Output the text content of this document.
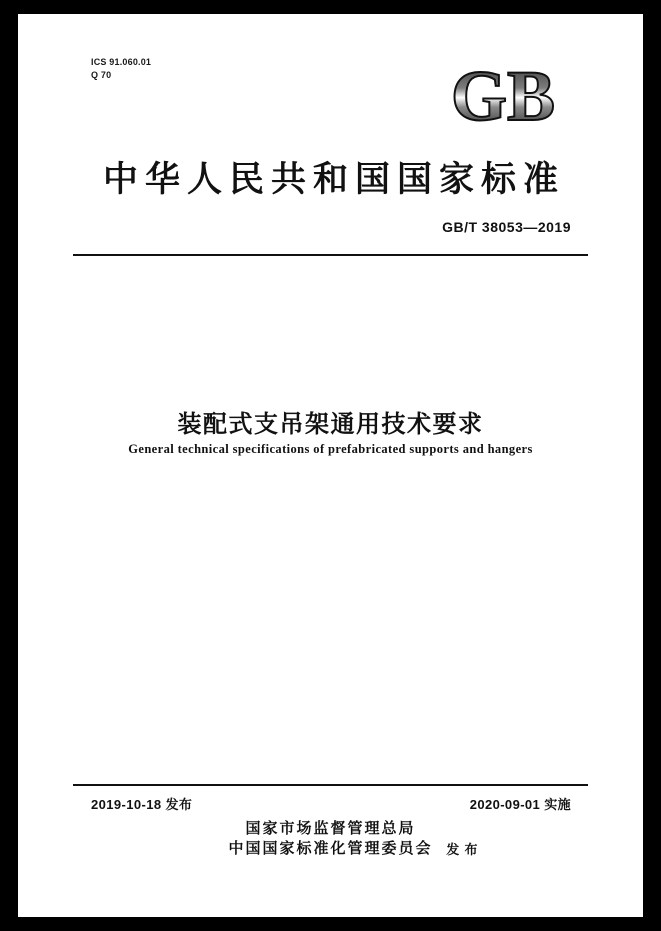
ICS 91.060.01
Q 70	GB
中华人民共和国国家标准
GB/T 38053—2019
装配式支吊架通用技术要求
General technical specifications of prefabricated supports and hangers
2019-10-18 发布	2020-09-01 实施
国家市场监督管理总局
中国国家标准化管理委员会 发 布
